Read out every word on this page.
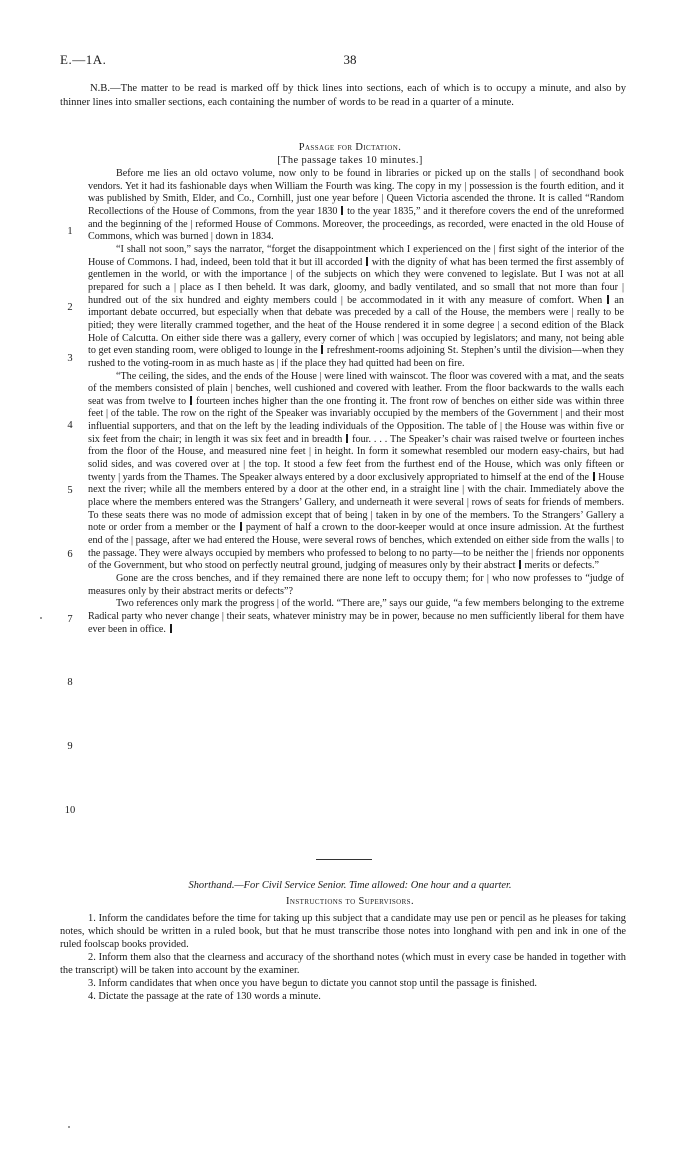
E.—1A.	38
N.B.—The matter to be read is marked off by thick lines into sections, each of which is to occupy a minute, and also by thinner lines into smaller sections, each containing the number of words to be read in a quarter of a minute.
Passage for Dictation.
[The passage takes 10 minutes.]

Before me lies an old octavo volume, now only to be found in libraries or picked up on the stalls | of secondhand book vendors. Yet it had its fashionable days when William the Fourth was king. The copy in my | possession is the fourth edition, and it was published by Smith, Elder, and Co., Cornhill, just one year before | Queen Victoria ascended the throne. It is called “Random Recollections of the House of Commons, from the year 1830  to the year 1835,” and it therefore covers the end of the unreformed and the beginning of the | reformed House of Commons. Moreover, the proceedings, as recorded, were enacted in the old House of Commons, which was burned | down in 1834.

“I shall not soon,” says the narrator, “forget the disappointment which I experienced on the | first sight of the interior of the House of Commons. I had, indeed, been told that it but ill accorded  with the dignity of what has been termed the first assembly of gentlemen in the world, or with the importance | of the subjects on which they were convened to legislate. But I was not at all prepared for such a | place as I then beheld. It was dark, gloomy, and badly ventilated, and so small that not more than four | hundred out of the six hundred and eighty members could | be accommodated in it with any measure of comfort. When  an important debate occurred, but especially when that debate was preceded by a call of the House, the members were | really to be pitied; they were literally crammed together, and the heat of the House rendered it in some degree | a second edition of the Black Hole of Calcutta. On either side there was a gallery, every corner of which | was occupied by legislators; and many, not being able to get even standing room, were obliged to lounge in the  refreshment-rooms adjoining St. Stephen’s until the division—when they rushed to the voting-room in as much haste as | if the place they had quitted had been on fire.

“The ceiling, the sides, and the ends of the House | were lined with wainscot. The floor was covered with a mat, and the seats of the members consisted of plain | benches, well cushioned and covered with leather. From the floor backwards to the walls each seat was from twelve to  fourteen inches higher than the one fronting it. The front row of benches on either side was within three feet | of the table. The row on the right of the Speaker was invariably occupied by the members of the Government | and their most influential supporters, and that on the left by the leading individuals of the Opposition. The table of | the House was within five or six feet from the chair; in length it was six feet and in breadth  four. . . . The Speaker’s chair was raised twelve or fourteen inches from the floor of the House, and measured nine feet | in height. In form it somewhat resembled our modern easy-chairs, but had solid sides, and was covered over at | the top. It stood a few feet from the furthest end of the House, which was only fifteen or twenty | yards from the Thames. The Speaker always entered by a door exclusively appropriated to himself at the end of the  House next the river; while all the members entered by a door at the other end, in a straight line | with the chair. Immediately above the place where the members entered was the Strangers’ Gallery, and underneath it were several | rows of seats for friends of members. To these seats there was no mode of admission except that of being | taken in by one of the members. To the Strangers’ Gallery a note or order from a member or the  payment of half a crown to the door-keeper would at once insure admission. At the furthest end of the | passage, after we had entered the House, were several rows of benches, which extended on either side from the walls | to the passage. They were always occupied by members who professed to belong to no party—to be neither the | friends nor opponents of the Government, but who stood on perfectly neutral ground, judging of measures only by their abstract  merits or defects.”

Gone are the cross benches, and if they remained there are none left to occupy them; for | who now professes to “judge of measures only by their abstract merits or defects”?

Two references only mark the progress | of the world. “There are,” says our guide, “a few members belonging to the extreme Radical party who never change | their seats, whatever ministry may be in power, because no men sufficiently liberal for them have ever been in office.

1
2
3
4
5
6
7
8
9
10
Shorthand.—For Civil Service Senior. Time allowed: One hour and a quarter.
Instructions to Supervisors.

1. Inform the candidates before the time for taking up this subject that a candidate may use pen or pencil as he pleases for taking notes, which should be written in a ruled book, but that he must transcribe those notes into longhand with pen and ink in one of the ruled foolscap books provided.

2. Inform them also that the clearness and accuracy of the shorthand notes (which must in every case be handed in together with the transcript) will be taken into account by the examiner.

3. Inform candidates that when once you have begun to dictate you cannot stop until the passage is finished.

4. Dictate the passage at the rate of 130 words a minute.
